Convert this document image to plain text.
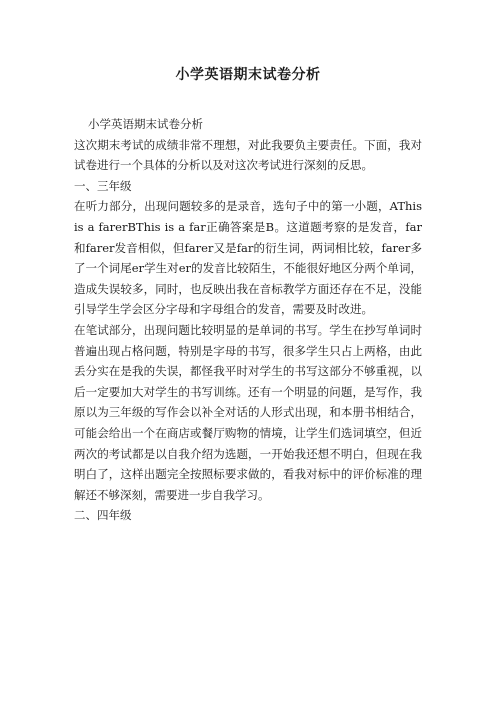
小学英语期末试卷分析

小学英语期末试卷分析

这次期末考试的成绩非常不理想，对此我要负主要责任。下面，我对试卷进行一个具体的分析以及对这次考试进行深刻的反思。

一、三年级

在听力部分，出现问题较多的是录音，选句子中的第一小题，AThis is a farerBThis is a far正确答案是B。这道题考察的是发音，far和farer发音相似，但farer又是far的衍生词，两词相比较，farer多了一个词尾er学生对er的发音比较陌生，不能很好地区分两个单词，造成失误较多，同时，也反映出我在音标教学方面还存在不足，没能引导学生学会区分字母和字母组合的发音，需要及时改进。

在笔试部分，出现问题比较明显的是单词的书写。学生在抄写单词时普遍出现占格问题，特别是字母的书写，很多学生只占上两格，由此丢分实在是我的失误，都怪我平时对学生的书写这部分不够重视，以后一定要加大对学生的书写训练。还有一个明显的问题，是写作，我原以为三年级的写作会以补全对话的人形式出现，和本册书相结合，可能会给出一个在商店或餐厅购物的情境，让学生们选词填空，但近两次的考试都是以自我介绍为选题，一开始我还想不明白，但现在我明白了，这样出题完全按照标要求做的，看我对标中的评价标准的理解还不够深刻，需要进一步自我学习。

二、四年级
